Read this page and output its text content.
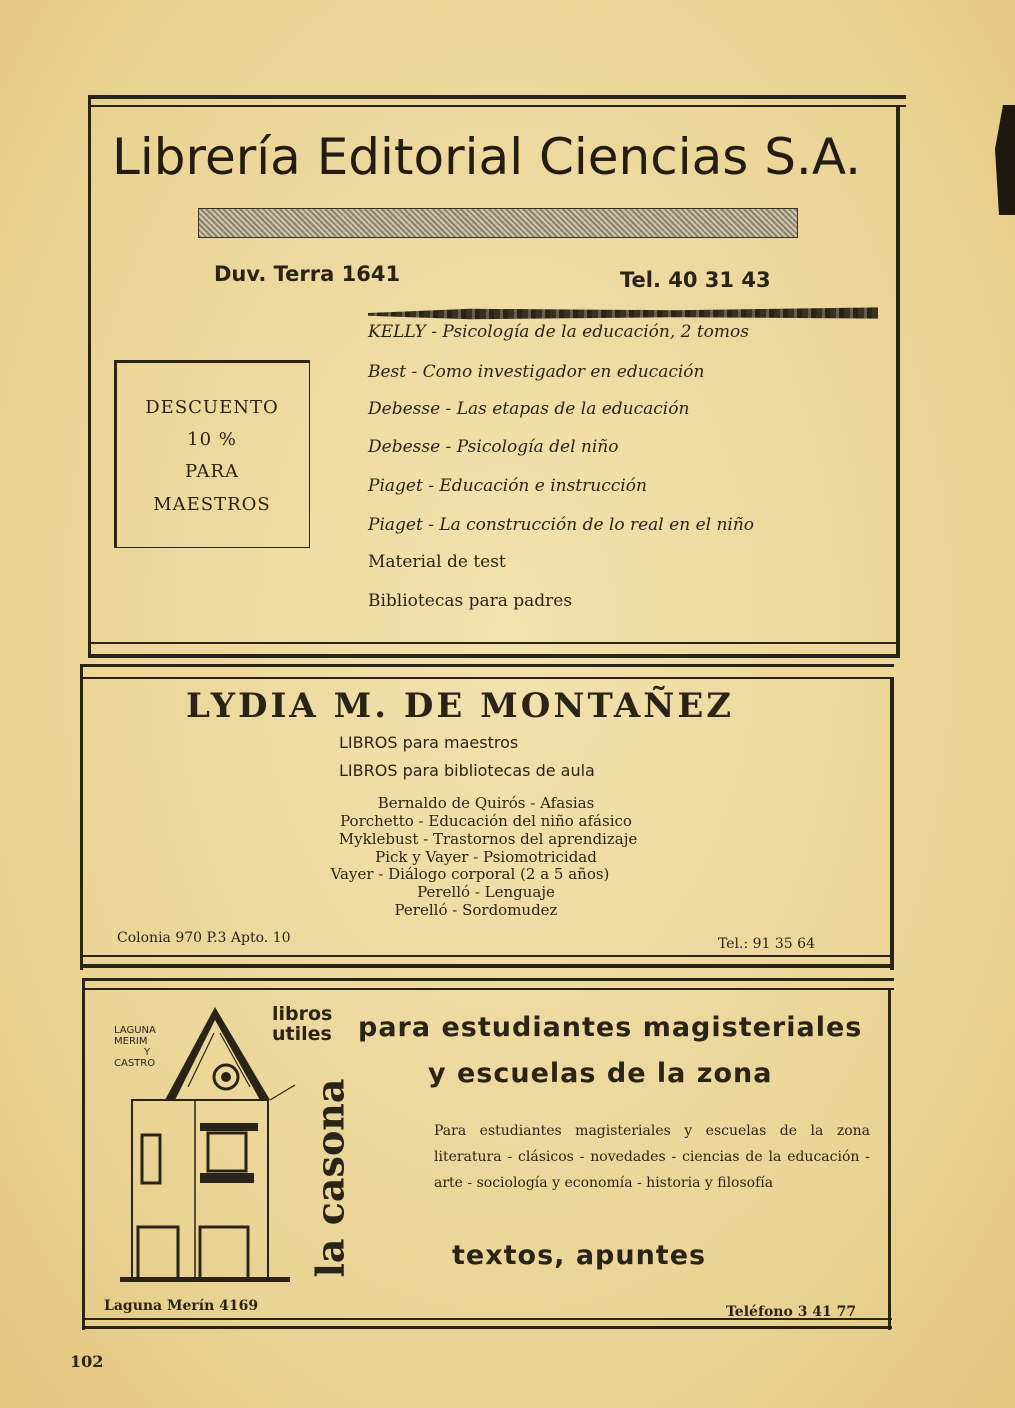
Librería Editorial Ciencias S.A.
Duv. Terra 1641	Tel. 40 31 43
DESCUENTO
10 %
PARA
MAESTROS
KELLY - Psicología de la educación, 2 tomos
Best - Como investigador en educación
Debesse - Las etapas de la educación
Debesse - Psicología del niño
Piaget - Educación e instrucción
Piaget - La construcción de lo real en el niño
Material de test
Bibliotecas para padres
LYDIA M. DE MONTAÑEZ
LIBROS para maestros
LIBROS para bibliotecas de aula
Bernaldo de Quirós - Afasias
Porchetto - Educación del niño afásico
Myklebust - Trastornos del aprendizaje
Pick y Vayer - Psiomotricidad
Vayer - Diálogo corporal (2 a 5 años)
Perelló - Lenguaje
Perelló - Sordomudez
Colonia 970 P.3 Apto. 10	Tel.: 91 35 64
LAGUNA
MERIM
Y
CASTRO
libros
utiles para estudiantes magisteriales
y escuelas de la zona
la casona	Para estudiantes magisteriales y escuelas de la zona literatura - clásicos - novedades - ciencias de la educación - arte - sociología y economía - historia y filosofía
textos, apuntes
Laguna Merín 4169	Teléfono 3 41 77
102
